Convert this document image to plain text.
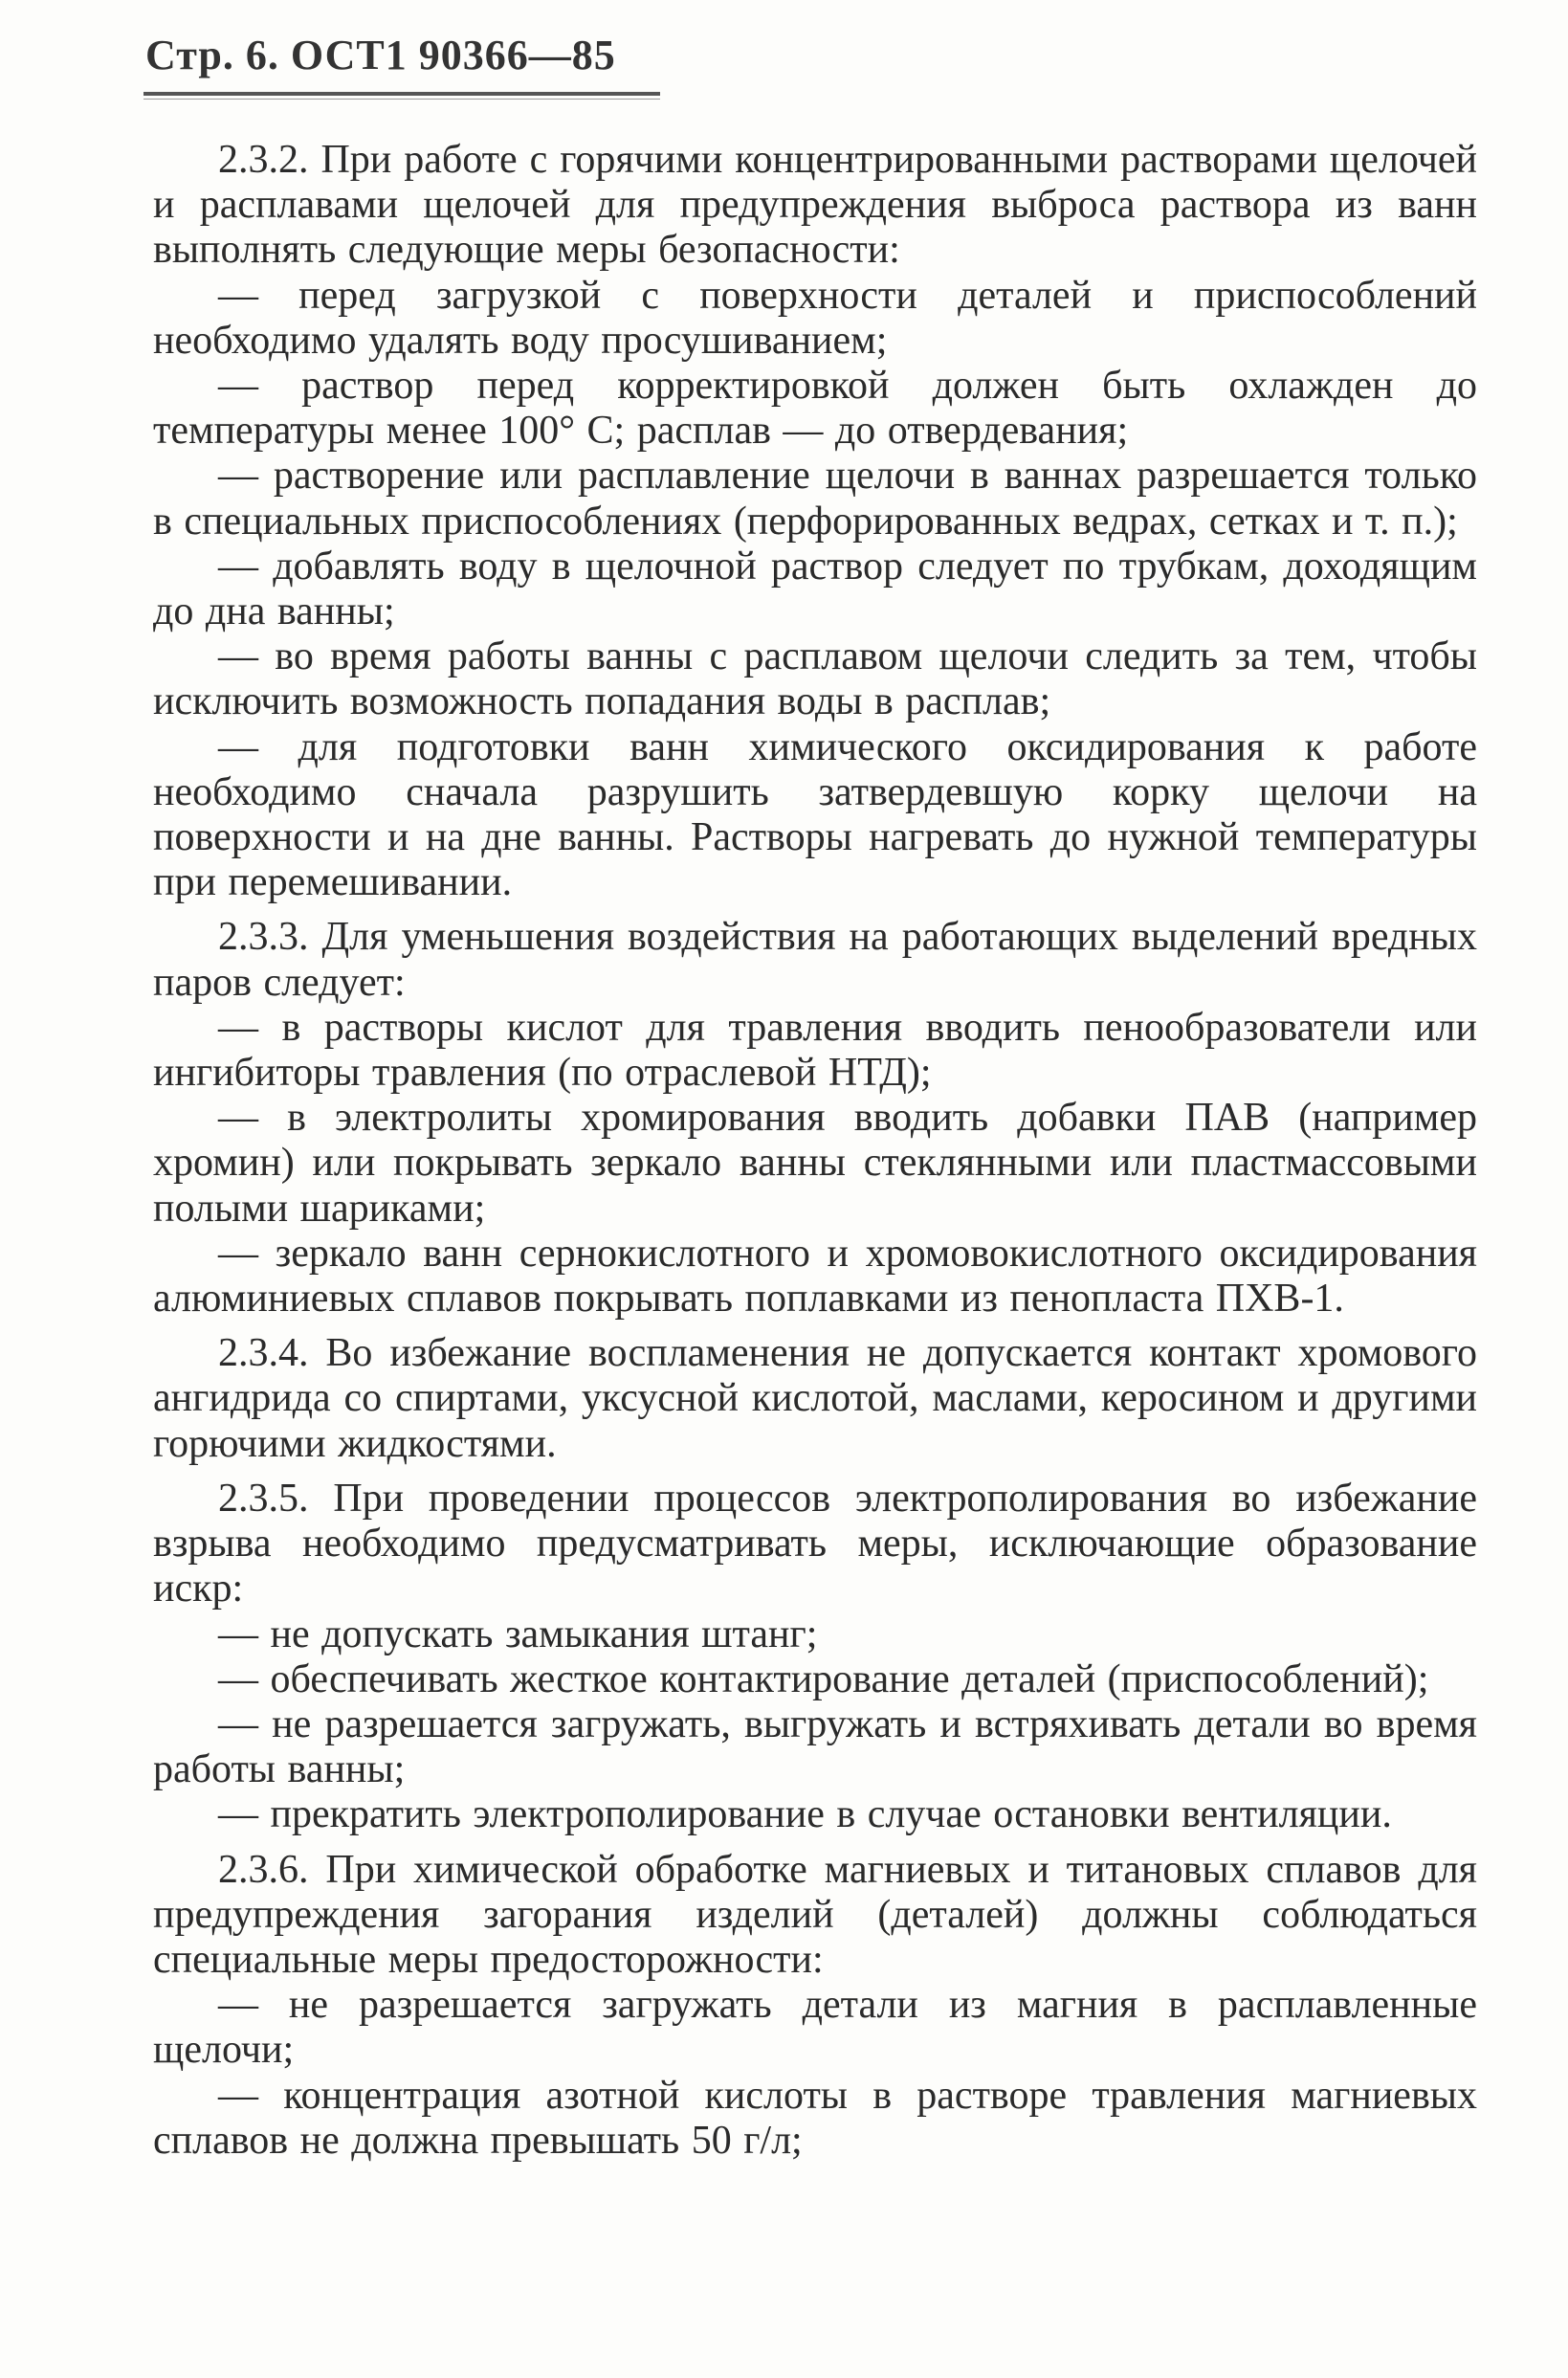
Стр. 6. ОСТ1 90366—85

2.3.2. При работе с горячими концентрированными растворами щелочей и расплавами щелочей для предупреждения выброса раствора из ванн выполнять следующие меры безопасности:

— перед загрузкой с поверхности деталей и приспособлений необходимо удалять воду просушиванием;

— раствор перед корректировкой должен быть охлажден до температуры менее 100° С; расплав — до отвердевания;

— растворение или расплавление щелочи в ваннах разрешается только в специальных приспособлениях (перфорированных ведрах, сетках и т. п.);

— добавлять воду в щелочной раствор следует по трубкам, доходящим до дна ванны;

— во время работы ванны с расплавом щелочи следить за тем, чтобы исключить возможность попадания воды в расплав;

— для подготовки ванн химического оксидирования к работе необходимо сначала разрушить затвердевшую корку щелочи на поверхности и на дне ванны. Растворы нагревать до нужной температуры при перемешивании.

2.3.3. Для уменьшения воздействия на работающих выделений вредных паров следует:

— в растворы кислот для травления вводить пенообразователи или ингибиторы травления (по отраслевой НТД);

— в электролиты хромирования вводить добавки ПАВ (например хромин) или покрывать зеркало ванны стеклянными или пластмассовыми полыми шариками;

— зеркало ванн сернокислотного и хромовокислотного оксидирования алюминиевых сплавов покрывать поплавками из пенопласта ПХВ-1.

2.3.4. Во избежание воспламенения не допускается контакт хромового ангидрида со спиртами, уксусной кислотой, маслами, керосином и другими горючими жидкостями.

2.3.5. При проведении процессов электрополирования во избежание взрыва необходимо предусматривать меры, исключающие образование искр:

— не допускать замыкания штанг;

— обеспечивать жесткое контактирование деталей (приспособлений);

— не разрешается загружать, выгружать и встряхивать детали во время работы ванны;

— прекратить электрополирование в случае остановки вентиляции.

2.3.6. При химической обработке магниевых и титановых сплавов для предупреждения загорания изделий (деталей) должны соблюдаться специальные меры предосторожности:

— не разрешается загружать детали из магния в расплавленные щелочи;

— концентрация азотной кислоты в растворе травления магниевых сплавов не должна превышать 50 г/л;
